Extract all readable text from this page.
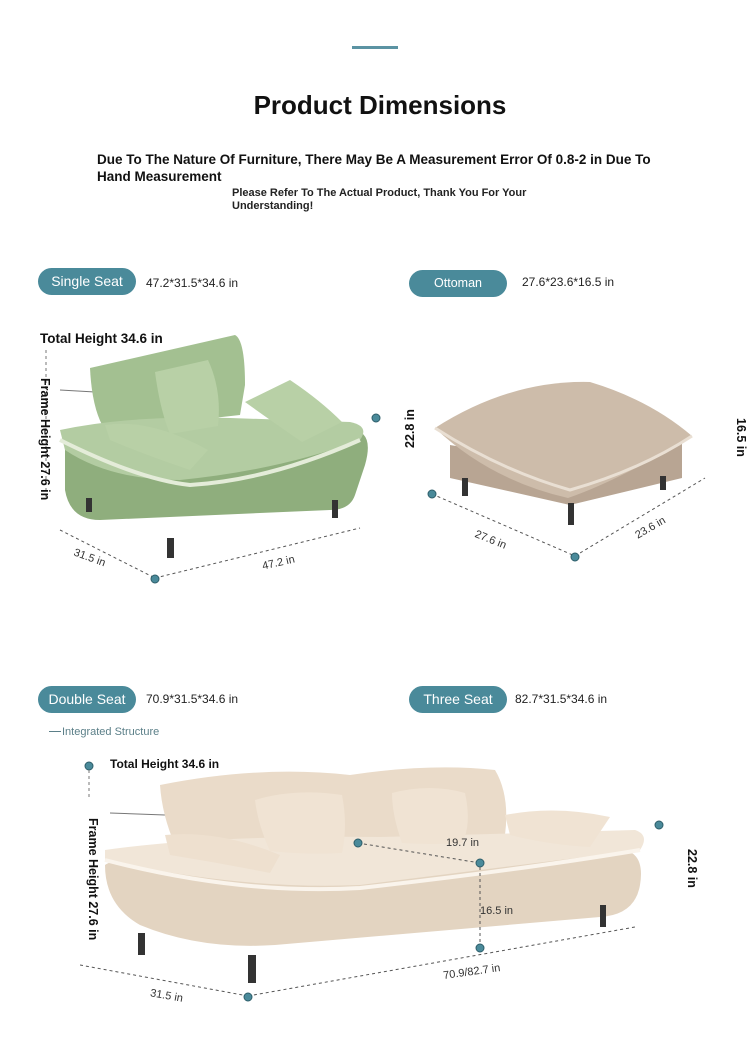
Product Dimensions
Due To The Nature Of Furniture, There May Be A Measurement Error Of 0.8-2 in Due To Hand Measurement
Please Refer To The Actual Product, Thank You For Your Understanding!
Single Seat	47.2*31.5*34.6 in
Total Height 34.6 in
Frame Height 27.6 in
31.5 in	47.2 in
Ottoman	27.6*23.6*16.5 in
22.8 in	16.5 in
27.6 in	23.6 in
Double Seat	70.9*31.5*34.6 in	Three Seat	82.7*31.5*34.6 in
Integrated Structure
Total Height 34.6 in
19.7 in
16.5 in
Frame Height 27.6 in	22.8 in
31.5 in
70.9/82.7 in
